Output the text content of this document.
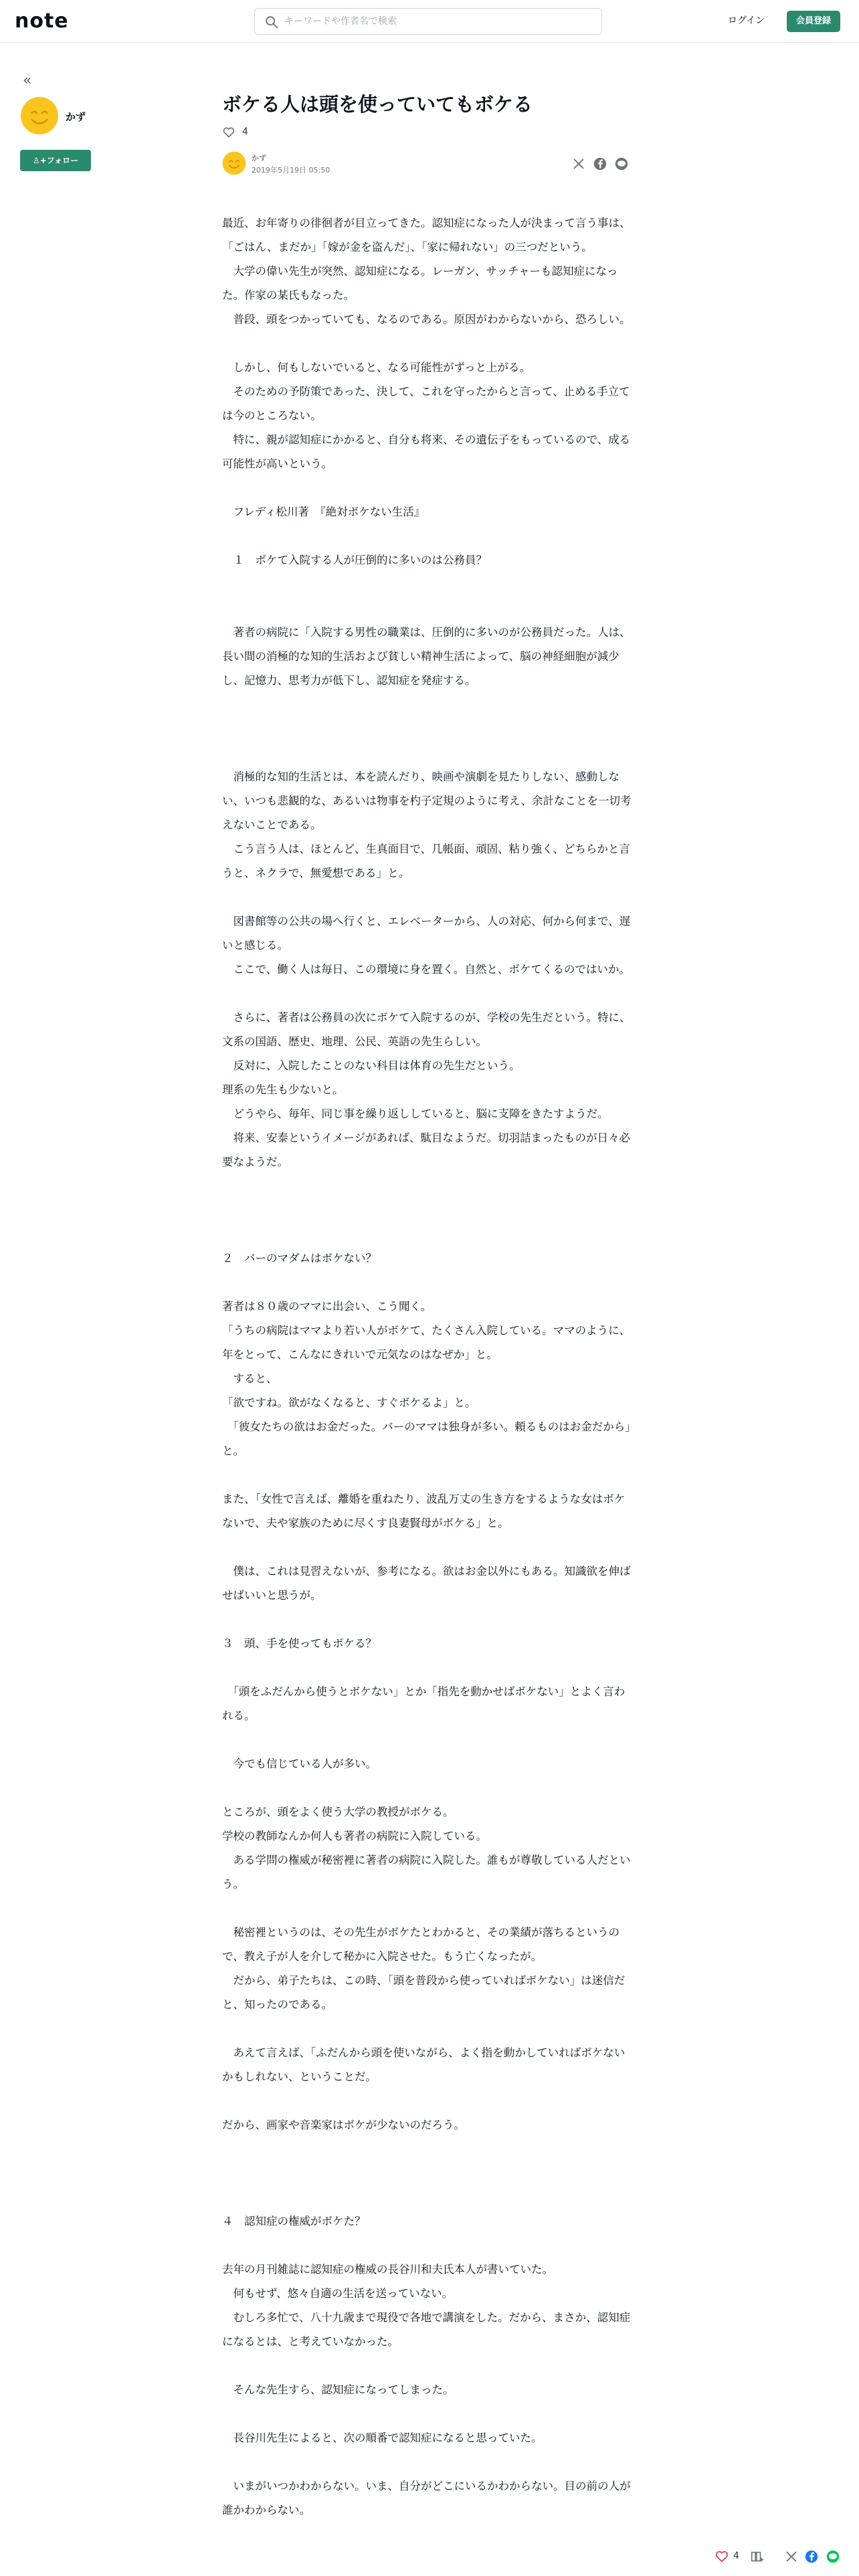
note
キーワードや作者名で検索	ログイン	会員登録
«
かず
♙+フォロー
ボケる人は頭を使っていてもボケる
4
かず
2019年5月19日 05:50

最近、お年寄りの徘徊者が目立ってきた。認知症になった人が決まって言う事は、「ごはん、まだか」「嫁が金を盗んだ」、「家に帰れない」の三つだという。

　大学の偉い先生が突然、認知症になる。レーガン、サッチャーも認知症になった。作家の某氏もなった。

　普段、頭をつかっていても、なるのである。原因がわからないから、恐ろしい。

　しかし、何もしないでいると、なる可能性がずっと上がる。

　そのための予防策であった、決して、これを守ったからと言って、止める手立ては今のところない。

　特に、親が認知症にかかると、自分も将来、その遺伝子をもっているので、成る可能性が高いという。

　フレディ松川著　『絶対ボケない生活』

　１　ボケて入院する人が圧倒的に多いのは公務員？

　著者の病院に「入院する男性の職業は、圧倒的に多いのが公務員だった。人は、長い間の消極的な知的生活および貧しい精神生活によって、脳の神経細胞が減少し、記憶力、思考力が低下し、認知症を発症する。

　消極的な知的生活とは、本を読んだり、映画や演劇を見たりしない、感動しない、いつも悲観的な、あるいは物事を杓子定規のように考え、余計なことを一切考えないことである。

　こう言う人は、ほとんど、生真面目で、几帳面、頑固、粘り強く、どちらかと言うと、ネクラで、無愛想である」と。

　図書館等の公共の場へ行くと、エレベーターから、人の対応、何から何まで、遅いと感じる。

　ここで、働く人は毎日、この環境に身を置く。自然と、ボケてくるのではいか。

　さらに、著者は公務員の次にボケて入院するのが、学校の先生だという。特に、文系の国語、歴史、地理、公民、英語の先生らしい。

　反対に、入院したことのない科目は体育の先生だという。

理系の先生も少ないと。

　どうやら、毎年、同じ事を繰り返ししていると、脳に支障をきたすようだ。

　将来、安泰というイメージがあれば、駄目なようだ。切羽詰まったものが日々必要なようだ。

２　バーのマダムはボケない？

著者は８０歳のママに出会い、こう聞く。

「うちの病院はママより若い人がボケて、たくさん入院している。ママのように、年をとって、こんなにきれいで元気なのはなぜか」と。

　すると、

「欲ですね。欲がなくなると、すぐボケるよ」と。

　「彼女たちの欲はお金だった。バーのママは独身が多い。頼るものはお金だから」と。

また、「女性で言えば、離婚を重ねたり、波乱万丈の生き方をするような女はボケないで、夫や家族のために尽くす良妻賢母がボケる」と。

　僕は、これは見習えないが、参考になる。欲はお金以外にもある。知識欲を伸ばせばいいと思うが。

３　頭、手を使ってもボケる？

　「頭をふだんから使うとボケない」とか「指先を動かせばボケない」とよく言われる。

　今でも信じている人が多い。

ところが、頭をよく使う大学の教授がボケる。

学校の教師なんか何人も著者の病院に入院している。

　ある学問の権威が秘密裡に著者の病院に入院した。誰もが尊敬している人だという。

　秘密裡というのは、その先生がボケたとわかると、その業績が落ちるというので、教え子が人を介して秘かに入院させた。もう亡くなったが。

　だから、弟子たちは、この時、「頭を普段から使っていればボケない」は迷信だと、知ったのである。

　あえて言えば、「ふだんから頭を使いながら、よく指を動かしていればボケないかもしれない、ということだ。

だから、画家や音楽家はボケが少ないのだろう。

４　認知症の権威がボケた？

去年の月刊雑誌に認知症の権威の長谷川和夫氏本人が書いていた。

　何もせず、悠々自適の生活を送っていない。

　むしろ多忙で、八十九歳まで現役で各地で講演をした。だから、まさか、認知症になるとは、と考えていなかった。

　そんな先生すら、認知症になってしまった。

　長谷川先生によると、次の順番で認知症になると思っていた。

　いまがいつかわからない。いま、自分がどこにいるかわからない。目の前の人が誰かわからない。

4
